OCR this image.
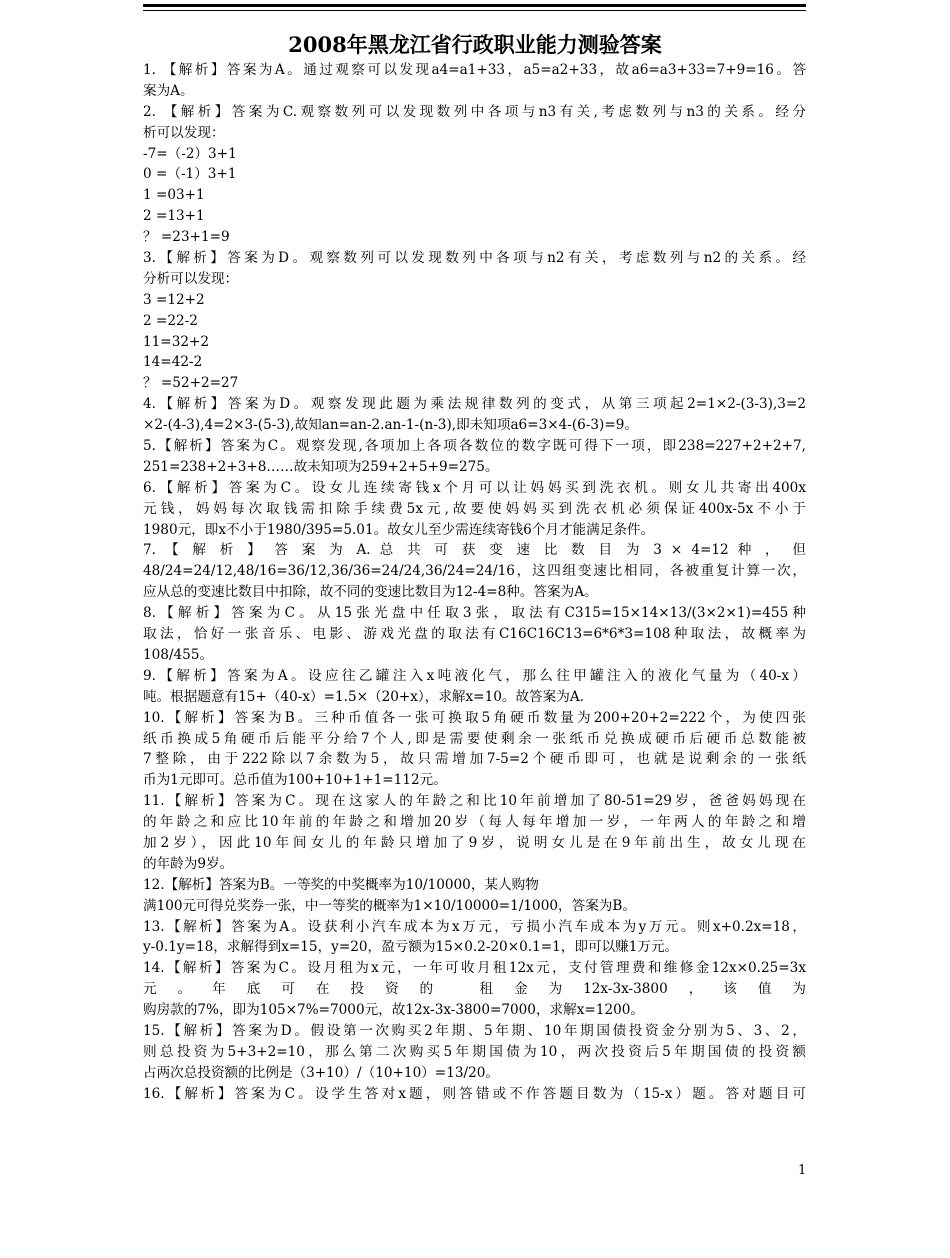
2008年黑龙江省行政职业能力测验答案
1. 【解析】答案为A。通过观察可以发现a4=a1+33，a5=a2+33，故a6=a3+33=7+9=16。答
案为A。
2. 【解析】答案为C.观察数列可以发现数列中各项与n3有关,考虑数列与n3的关系。经分
析可以发现：
-7=（-2）3+1
0 =（-1）3+1
1 =03+1
2 =13+1
？ =23+1=9
3.【解析】答案为D。观察数列可以发现数列中各项与n2有关，考虑数列与n2的关系。经
分析可以发现：
3 =12+2
2 =22-2
11=32+2
14=42-2
？ =52+2=27
4.【解析】答案为D。观察发现此题为乘法规律数列的变式，从第三项起2=1×2-(3-3),3=2
×2-(4-3),4=2×3-(5-3),故知an=an-2.an-1-(n-3),即未知项a6=3×4-(6-3)=9。
5.【解析】答案为C。观察发现,各项加上各项各数位的数字既可得下一项，即238=227+2+2+7,
251=238+2+3+8……故未知项为259+2+5+9=275。
6.【解析】答案为C。设女儿连续寄钱x个月可以让妈妈买到洗衣机。则女儿共寄出400x
元钱，妈妈每次取钱需扣除手续费5x元,故要使妈妈买到洗衣机必须保证400x-5x不小于
1980元，即x不小于1980/395=5.01。故女儿至少需连续寄钱6个月才能满足条件。
7. 【 解 析 】 答 案 为 A. 总 共 可 获 变 速 比 数 目 为 3 × 4=12 种 ， 但
48/24=24/12,48/16=36/12,36/36=24/24,36/24=24/16，这四组变速比相同，各被重复计算一次，
应从总的变速比数目中扣除，故不同的变速比数目为12-4=8种。答案为A。
8.【解析】答案为C。从15张光盘中任取3张，取法有C315=15×14×13/(3×2×1)=455种
取法，恰好一张音乐、电影、游戏光盘的取法有C16C16C13=6*6*3=108种取法，故概率为
108/455。
9.【解析】答案为A。设应往乙罐注入x吨液化气，那么往甲罐注入的液化气量为（40-x）
吨。根据题意有15+（40-x）=1.5×（20+x），求解x=10。故答案为A.
10.【解析】答案为B。三种币值各一张可换取5角硬币数量为200+20+2=222个，为使四张
纸币换成5角硬币后能平分给7个人,即是需要使剩余一张纸币兑换成硬币后硬币总数能被
7整除，由于222除以7余数为5，故只需增加7-5=2个硬币即可，也就是说剩余的一张纸
币为1元即可。总币值为100+10+1+1=112元。
11.【解析】答案为C。现在这家人的年龄之和比10年前增加了80-51=29岁，爸爸妈妈现在
的年龄之和应比10年前的年龄之和增加20岁（每人每年增加一岁，一年两人的年龄之和增
加2岁），因此10年间女儿的年龄只增加了9岁，说明女儿是在9年前出生，故女儿现在
的年龄为9岁。
12.【解析】答案为B。一等奖的中奖概率为10/10000，某人购物
满100元可得兑奖券一张，中一等奖的概率为1×10/10000=1/1000，答案为B。
13.【解析】答案为A。设获利小汽车成本为x万元，亏损小汽车成本为y万元。则x+0.2x=18，
y-0.1y=18，求解得到x=15，y=20，盈亏额为15×0.2-20×0.1=1，即可以赚1万元。
14.【解析】答案为C。设月租为x元，一年可收月租12x元，支付管理费和维修金12x×0.25=3x
元。年底可在投资的 租金为12x-3x-3800，该值为
购房款的7%，即为105×7%=7000元，故12x-3x-3800=7000，求解x=1200。
15.【解析】答案为D。假设第一次购买2年期、5年期、10年期国债投资金分别为5、3、2，
则总投资为5+3+2=10，那么第二次购买5年期国债为10，两次投资后5年期国债的投资额
占两次总投资额的比例是（3+10）/（10+10）=13/20。
16.【解析】答案为C。设学生答对x题，则答错或不作答题目数为（15-x）题。答对题目可
1
